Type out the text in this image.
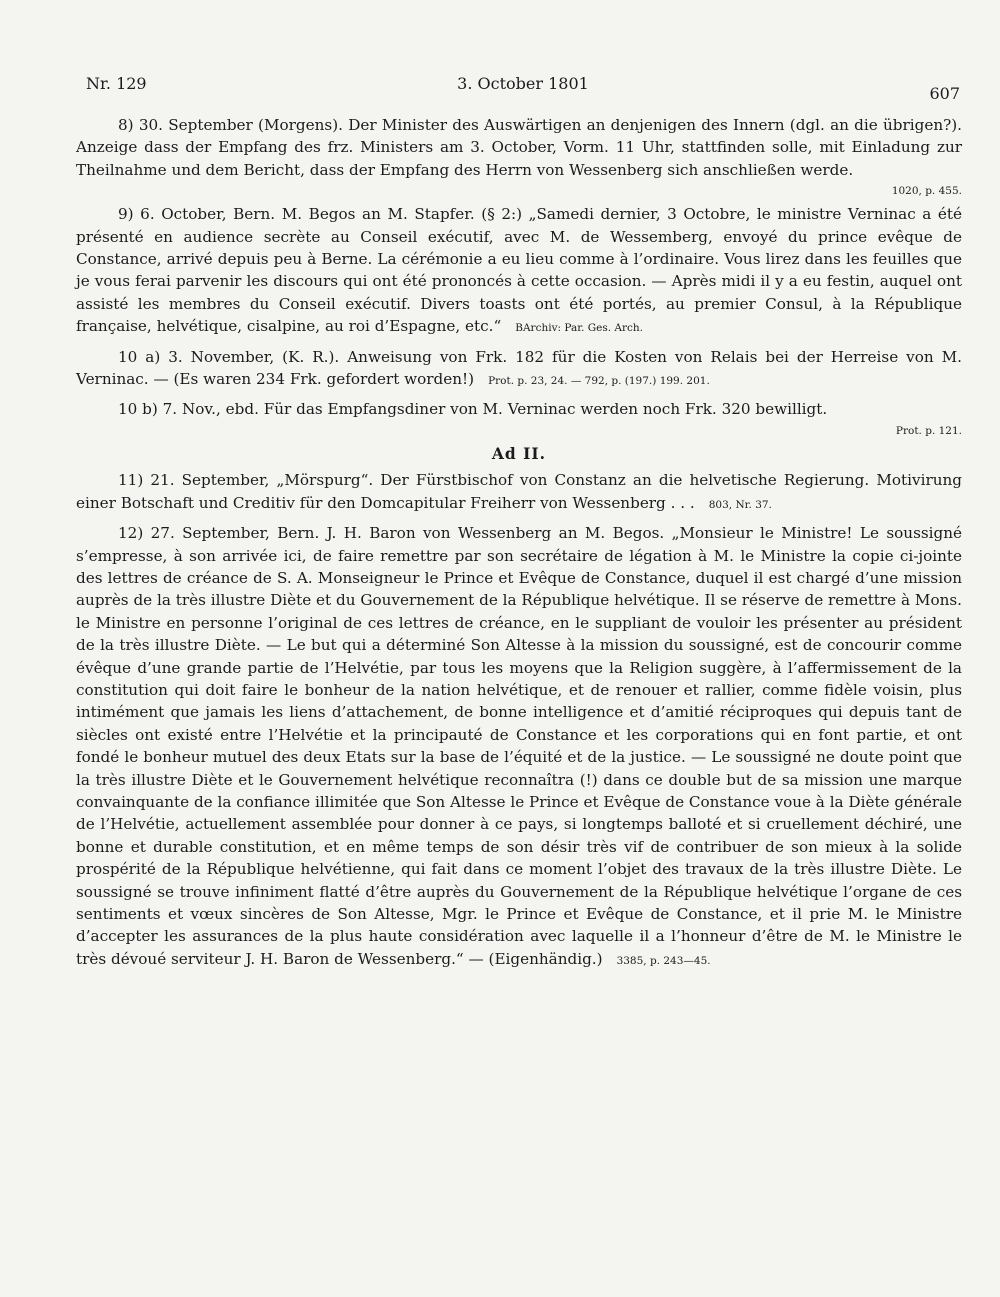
Nr. 129	3. October 1801
607

8) 30. September (Morgens). Der Minister des Auswärtigen an denjenigen des Innern (dgl. an die übrigen?). Anzeige dass der Empfang des frz. Ministers am 3. October, Vorm. 11 Uhr, stattfinden solle, mit Einladung zur Theilnahme und dem Bericht, dass der Empfang des Herrn von Wessenberg sich anschließen werde.

1020, p. 455.

9) 6. October, Bern. M. Begos an M. Stapfer. (§ 2:) „Samedi dernier, 3 Octobre, le ministre Verninac a été présenté en audience secrète au Conseil exécutif, avec M. de Wessemberg, envoyé du prince evêque de Constance, arrivé depuis peu à Berne. La cérémonie a eu lieu comme à l’ordinaire. Vous lirez dans les feuilles que je vous ferai parvenir les discours qui ont été prononcés à cette occasion. — Après midi il y a eu festin, auquel ont assisté les membres du Conseil exécutif. Divers toasts ont été portés, au premier Consul, à la République française, helvétique, cisalpine, au roi d’Espagne, etc.“ BArchiv: Par. Ges. Arch.

10 a) 3. November, (K. R.). Anweisung von Frk. 182 für die Kosten von Relais bei der Herreise von M. Verninac. — (Es waren 234 Frk. gefordert worden!) Prot. p. 23, 24. — 792, p. (197.) 199. 201.

10 b) 7. Nov., ebd. Für das Empfangsdiner von M. Verninac werden noch Frk. 320 bewilligt.

Prot. p. 121.
Ad II.

11) 21. September, „Mörspurg“. Der Fürstbischof von Constanz an die helvetische Regierung. Motivirung einer Botschaft und Creditiv für den Domcapitular Freiherr von Wessenberg . . . 803, Nr. 37.

12) 27. September, Bern. J. H. Baron von Wessenberg an M. Begos. „Monsieur le Ministre! Le soussigné s’empresse, à son arrivée ici, de faire remettre par son secrétaire de légation à M. le Ministre la copie ci-jointe des lettres de créance de S. A. Monseigneur le Prince et Evêque de Constance, duquel il est chargé d’une mission auprès de la très illustre Diète et du Gouvernement de la République helvétique. Il se réserve de remettre à Mons. le Ministre en personne l’original de ces lettres de créance, en le suppliant de vouloir les présenter au président de la très illustre Diète. — Le but qui a déterminé Son Altesse à la mission du soussigné, est de concourir comme évêque d’une grande partie de l’Helvétie, par tous les moyens que la Religion suggère, à l’affermissement de la constitution qui doit faire le bonheur de la nation helvétique, et de renouer et rallier, comme fidèle voisin, plus intimément que jamais les liens d’attachement, de bonne intelligence et d’amitié réciproques qui depuis tant de siècles ont existé entre l’Helvétie et la principauté de Constance et les corporations qui en font partie, et ont fondé le bonheur mutuel des deux Etats sur la base de l’équité et de la justice. — Le soussigné ne doute point que la très illustre Diète et le Gouvernement helvétique reconnaîtra (!) dans ce double but de sa mission une marque convainquante de la confiance illimitée que Son Altesse le Prince et Evêque de Constance voue à la Diète générale de l’Helvétie, actuellement assemblée pour donner à ce pays, si longtemps balloté et si cruellement déchiré, une bonne et durable constitution, et en même temps de son désir très vif de contribuer de son mieux à la solide prospérité de la République helvétienne, qui fait dans ce moment l’objet des travaux de la très illustre Diète. Le soussigné se trouve infiniment flatté d’être auprès du Gouvernement de la République helvétique l’organe de ces sentiments et vœux sincères de Son Altesse, Mgr. le Prince et Evêque de Constance, et il prie M. le Ministre d’accepter les assurances de la plus haute considération avec laquelle il a l’honneur d’être de M. le Ministre le très dévoué serviteur J. H. Baron de Wessenberg.“ — (Eigenhändig.) 3385, p. 243—45.
